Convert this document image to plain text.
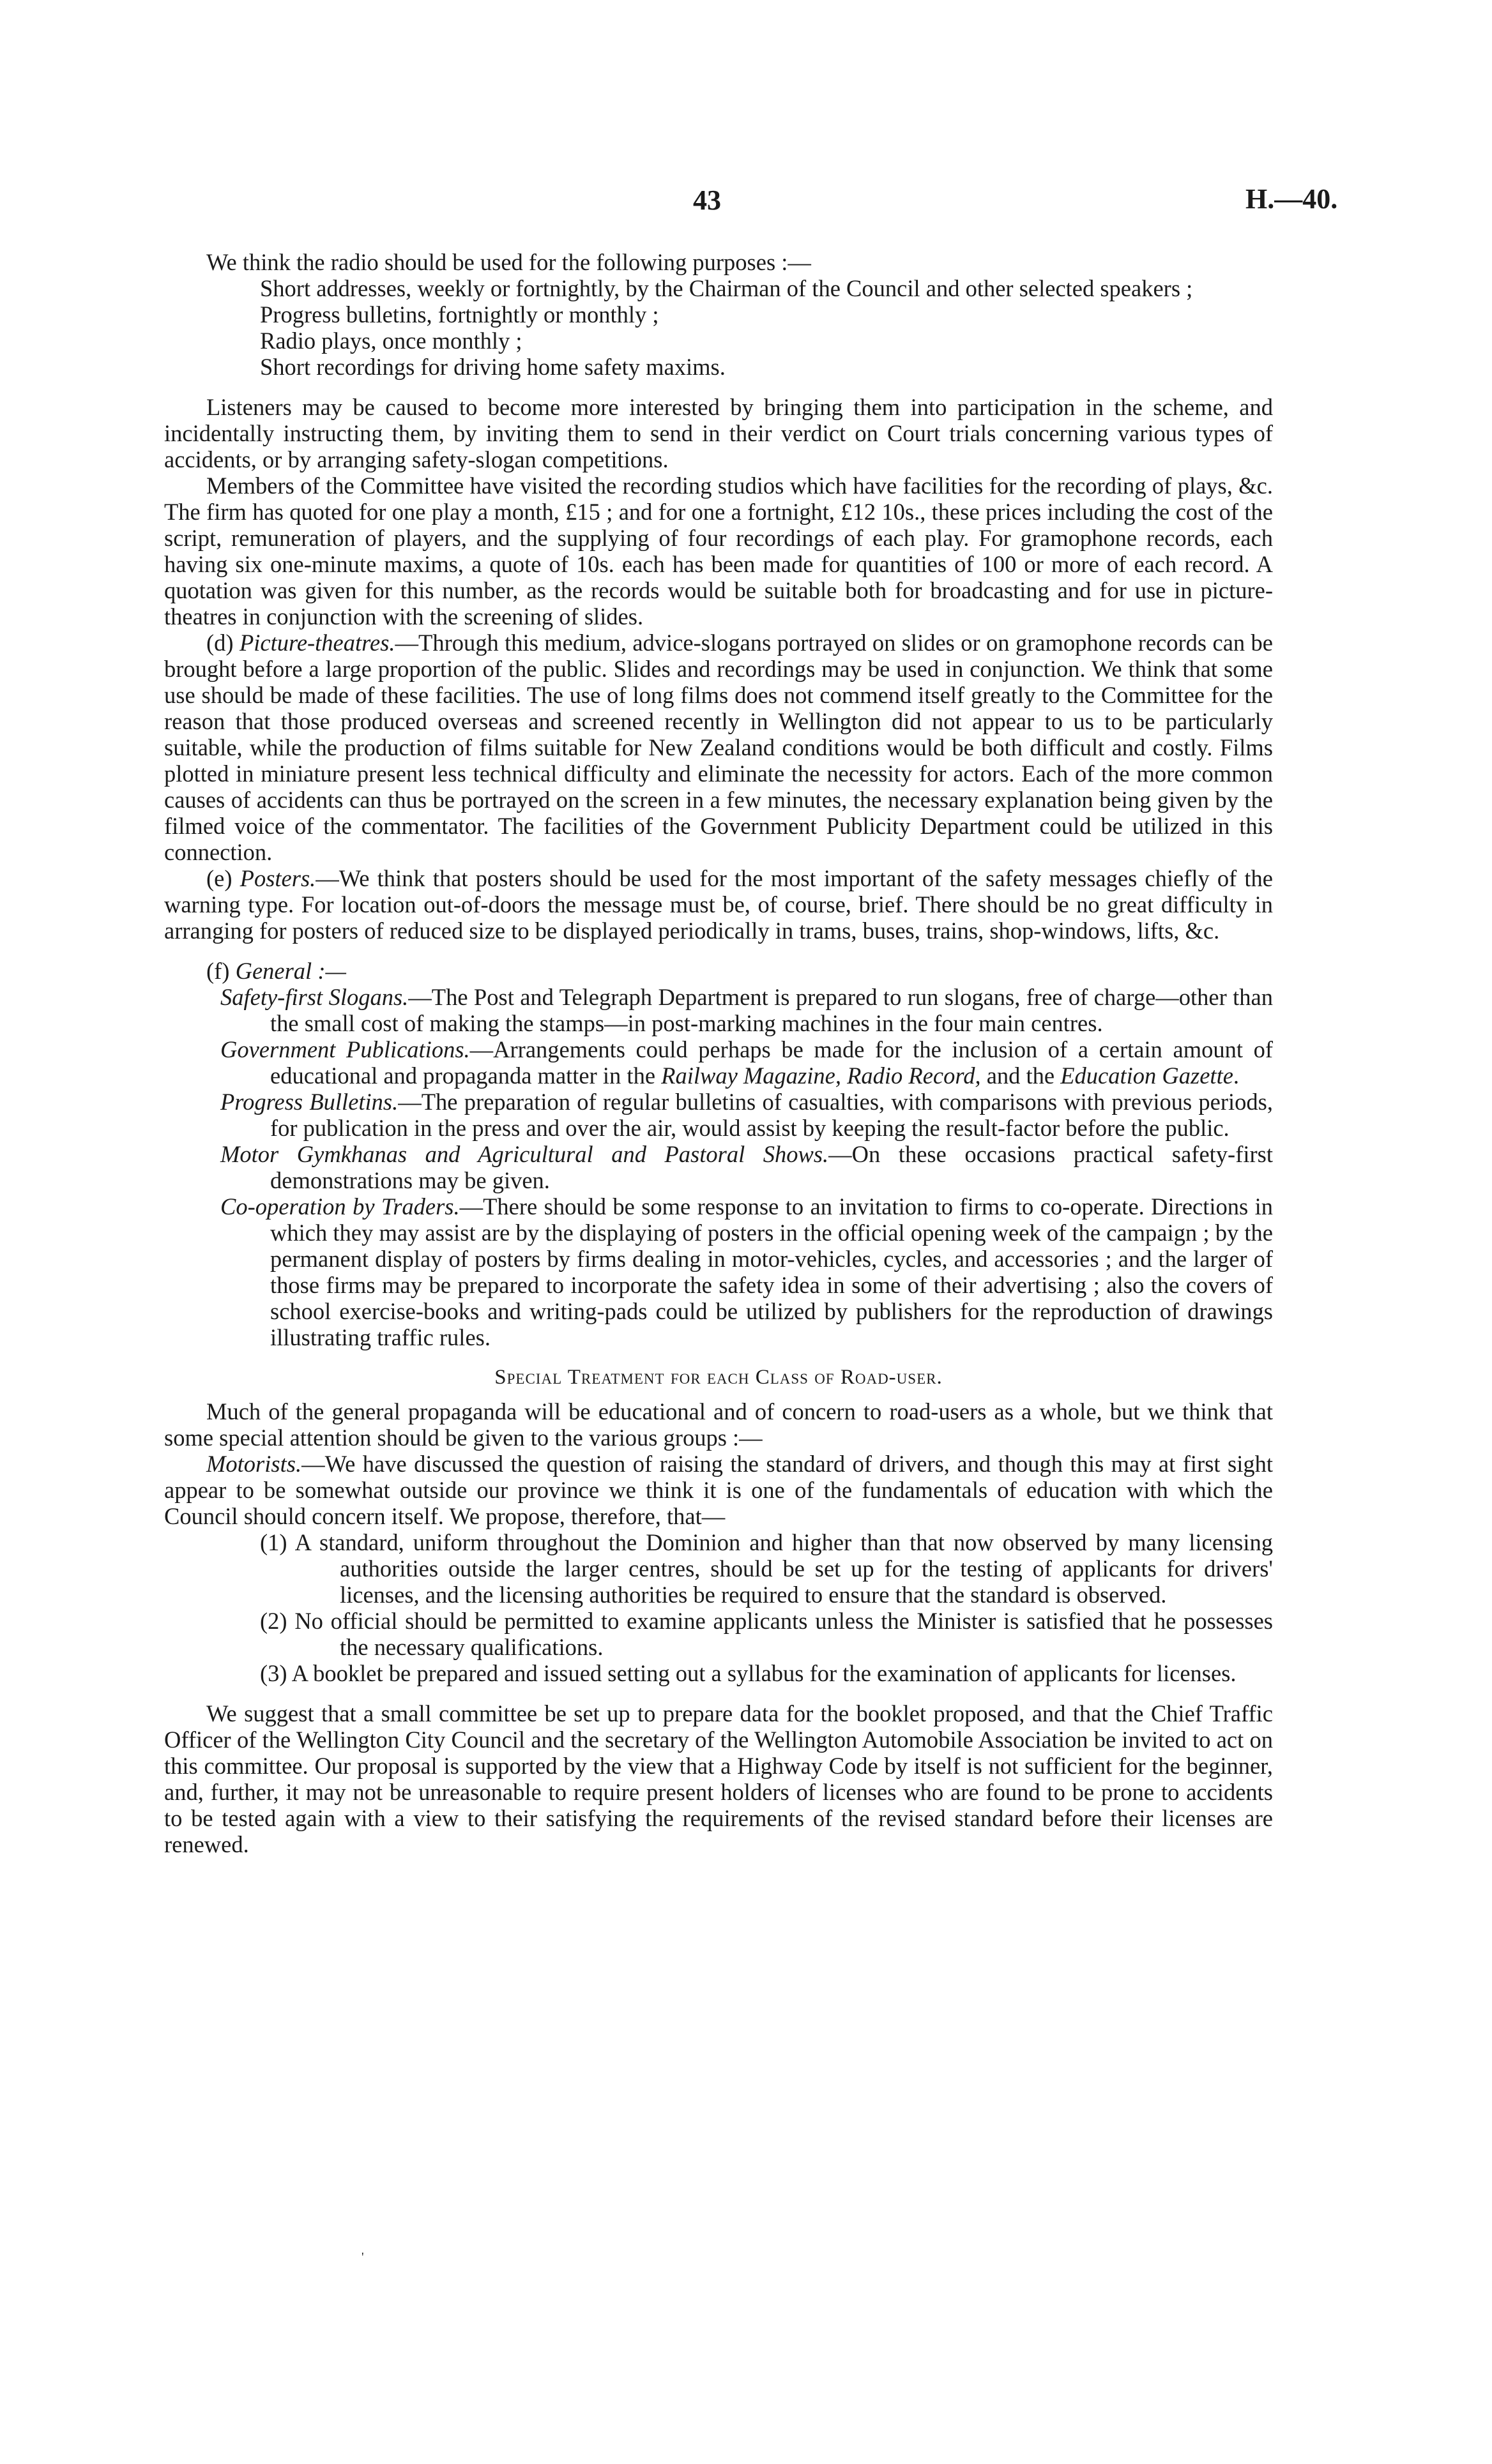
43	H.—40.

We think the radio should be used for the following purposes :—

Short addresses, weekly or fortnightly, by the Chairman of the Council and other selected speakers ;
Progress bulletins, fortnightly or monthly ;
Radio plays, once monthly ;
Short recordings for driving home safety maxims.

Listeners may be caused to become more interested by bringing them into participation in the scheme, and incidentally instructing them, by inviting them to send in their verdict on Court trials concerning various types of accidents, or by arranging safety-slogan competitions.

Members of the Committee have visited the recording studios which have facilities for the recording of plays, &c. The firm has quoted for one play a month, £15 ; and for one a fortnight, £12 10s., these prices including the cost of the script, remuneration of players, and the supplying of four recordings of each play. For gramophone records, each having six one-minute maxims, a quote of 10s. each has been made for quantities of 100 or more of each record. A quotation was given for this number, as the records would be suitable both for broadcasting and for use in picture-theatres in conjunction with the screening of slides.

(d) Picture-theatres.—Through this medium, advice-slogans portrayed on slides or on gramophone records can be brought before a large proportion of the public. Slides and recordings may be used in conjunction. We think that some use should be made of these facilities. The use of long films does not commend itself greatly to the Committee for the reason that those produced overseas and screened recently in Wellington did not appear to us to be particularly suitable, while the production of films suitable for New Zealand conditions would be both difficult and costly. Films plotted in miniature present less technical difficulty and eliminate the necessity for actors. Each of the more common causes of accidents can thus be portrayed on the screen in a few minutes, the necessary explanation being given by the filmed voice of the commentator. The facilities of the Government Publicity Department could be utilized in this connection.

(e) Posters.—We think that posters should be used for the most important of the safety messages chiefly of the warning type. For location out-of-doors the message must be, of course, brief. There should be no great difficulty in arranging for posters of reduced size to be displayed periodically in trams, buses, trains, shop-windows, lifts, &c.

(f) General :—

Safety-first Slogans.—The Post and Telegraph Department is prepared to run slogans, free of charge—other than the small cost of making the stamps—in post-marking machines in the four main centres.

Government Publications.—Arrangements could perhaps be made for the inclusion of a certain amount of educational and propaganda matter in the Railway Magazine, Radio Record, and the Education Gazette.

Progress Bulletins.—The preparation of regular bulletins of casualties, with comparisons with previous periods, for publication in the press and over the air, would assist by keeping the result-factor before the public.

Motor Gymkhanas and Agricultural and Pastoral Shows.—On these occasions practical safety-first demonstrations may be given.

Co-operation by Traders.—There should be some response to an invitation to firms to co-operate. Directions in which they may assist are by the displaying of posters in the official opening week of the campaign ; by the permanent display of posters by firms dealing in motor-vehicles, cycles, and accessories ; and the larger of those firms may be prepared to incorporate the safety idea in some of their advertising ; also the covers of school exercise-books and writing-pads could be utilized by publishers for the reproduction of drawings illustrating traffic rules.

Special Treatment for each Class of Road-user.

Much of the general propaganda will be educational and of concern to road-users as a whole, but we think that some special attention should be given to the various groups :—

Motorists.—We have discussed the question of raising the standard of drivers, and though this may at first sight appear to be somewhat outside our province we think it is one of the fundamentals of education with which the Council should concern itself. We propose, therefore, that—

(1) A standard, uniform throughout the Dominion and higher than that now observed by many licensing authorities outside the larger centres, should be set up for the testing of applicants for drivers' licenses, and the licensing authorities be required to ensure that the standard is observed.

(2) No official should be permitted to examine applicants unless the Minister is satisfied that he possesses the necessary qualifications.

(3) A booklet be prepared and issued setting out a syllabus for the examination of applicants for licenses.

We suggest that a small committee be set up to prepare data for the booklet proposed, and that the Chief Traffic Officer of the Wellington City Council and the secretary of the Wellington Automobile Association be invited to act on this committee. Our proposal is supported by the view that a Highway Code by itself is not sufficient for the beginner, and, further, it may not be unreasonable to require present holders of licenses who are found to be prone to accidents to be tested again with a view to their satisfying the requirements of the revised standard before their licenses are renewed.

'
